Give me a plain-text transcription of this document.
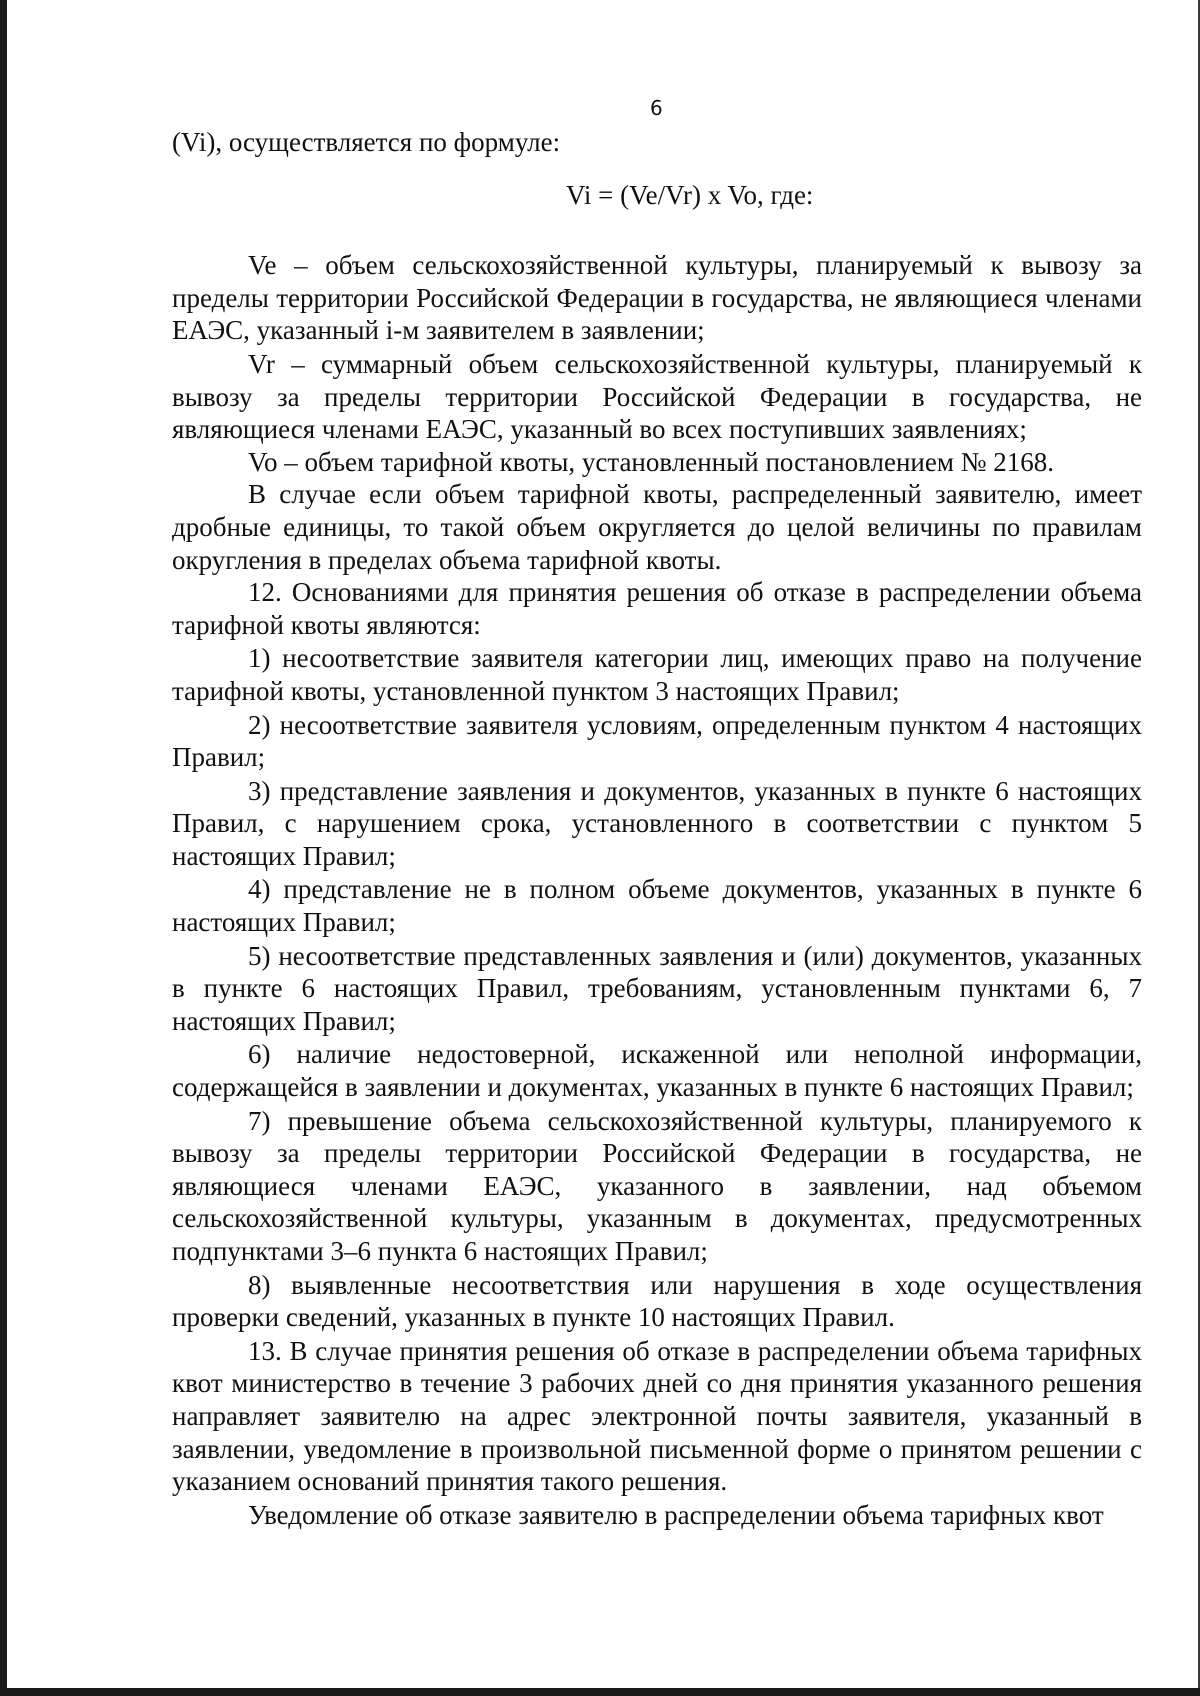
6

(Vi), осуществляется по формуле:

Vi = (Ve/Vr) x Vo, где:

Ve – объем сельскохозяйственной культуры, планируемый к вывозу за пределы территории Российской Федерации в государства, не являющиеся членами ЕАЭС, указанный i-м заявителем в заявлении;

Vr – суммарный объем сельскохозяйственной культуры, планируемый к вывозу за пределы территории Российской Федерации в государства, не являющиеся членами ЕАЭС, указанный во всех поступивших заявлениях;

Vo – объем тарифной квоты, установленный постановлением № 2168.

В случае если объем тарифной квоты, распределенный заявителю, имеет дробные единицы, то такой объем округляется до целой величины по правилам округления в пределах объема тарифной квоты.

12. Основаниями для принятия решения об отказе в распределении объема тарифной квоты являются:

1) несоответствие заявителя категории лиц, имеющих право на получение тарифной квоты, установленной пунктом 3 настоящих Правил;

2) несоответствие заявителя условиям, определенным пунктом 4 настоящих Правил;

3) представление заявления и документов, указанных в пункте 6 настоящих Правил, с нарушением срока, установленного в соответствии с пунктом 5 настоящих Правил;

4) представление не в полном объеме документов, указанных в пункте 6 настоящих Правил;

5) несоответствие представленных заявления и (или) документов, указанных в пункте 6 настоящих Правил, требованиям, установленным пунктами 6, 7 настоящих Правил;

6) наличие недостоверной, искаженной или неполной информации, содержащейся в заявлении и документах, указанных в пункте 6 настоящих Правил;

7) превышение объема сельскохозяйственной культуры, планируемого к вывозу за пределы территории Российской Федерации в государства, не являющиеся членами ЕАЭС, указанного в заявлении, над объемом сельскохозяйственной культуры, указанным в документах, предусмотренных подпунктами 3–6 пункта 6 настоящих Правил;

8) выявленные несоответствия или нарушения в ходе осуществления проверки сведений, указанных в пункте 10 настоящих Правил.

13. В случае принятия решения об отказе в распределении объема тарифных квот министерство в течение 3 рабочих дней со дня принятия указанного решения направляет заявителю на адрес электронной почты заявителя, указанный в заявлении, уведомление в произвольной письменной форме о принятом решении с указанием оснований принятия такого решения.

Уведомление об отказе заявителю в распределении объема тарифных квот
